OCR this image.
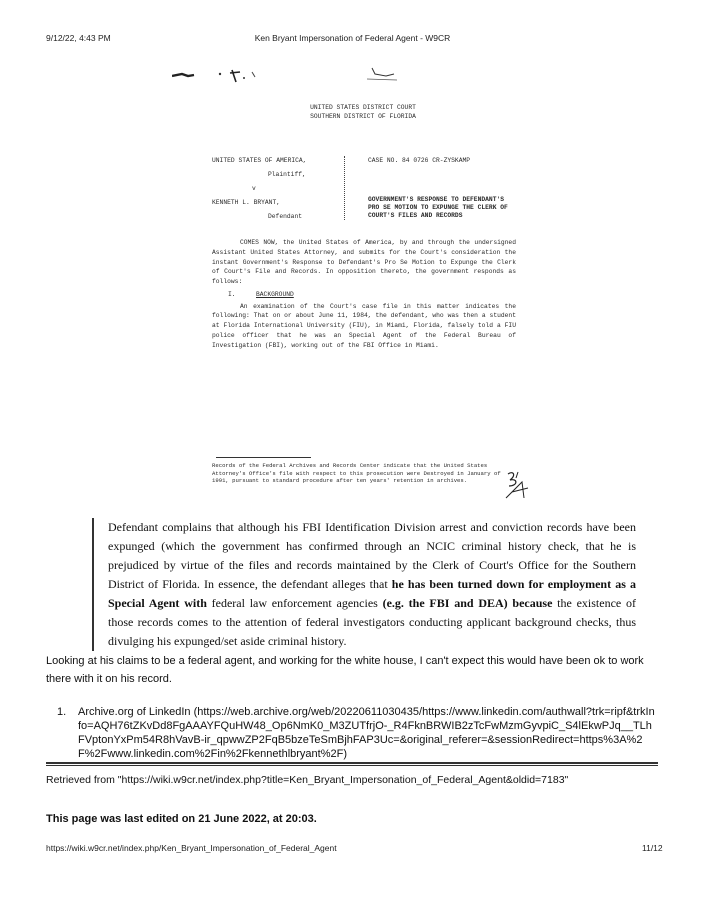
9/12/22, 4:43 PM	Ken Bryant Impersonation of Federal Agent - W9CR
UNITED STATES DISTRICT COURT
SOUTHERN DISTRICT OF FLORIDA
UNITED STATES OF AMERICA,
Plaintiff,
v
KENNETH L. BRYANT,
Defendant
CASE NO. 84 0726 CR-ZYSKAMP
GOVERNMENT'S RESPONSE TO DEFENDANT'S PRO SE MOTION TO EXPUNGE THE CLERK OF COURT'S FILES AND RECORDS

COMES NOW, the United States of America, by and through the undersigned Assistant United States Attorney, and submits for the Court's consideration the instant Government's Response to Defendant's Pro Se Motion to Expunge the Clerk of Court's File and Records. In opposition thereto, the government responds as follows:

I.	BACKGROUND

An examination of the Court's case file in this matter indicates the following: That on or about June 11, 1984, the defendant, who was then a student at Florida International University (FIU), in Miami, Florida, falsely told a FIU police officer that he was an Special Agent of the Federal Bureau of Investigation (FBI), working out of the FBI Office in Miami.

Records of the Federal Archives and Records Center indicate that the United States Attorney's Office's file with respect to this prosecution were Destroyed in January of 1991, pursuant to standard procedure after ten years' retention in archives.
Defendant complains that although his FBI Identification Division arrest and conviction records have been expunged (which the government has confirmed through an NCIC criminal history check, that he is prejudiced by virtue of the files and records maintained by the Clerk of Court's Office for the Southern District of Florida. In essence, the defendant alleges that he has been turned down for employment as a Special Agent with federal law enforcement agencies (e.g. the FBI and DEA) because the existence of those records comes to the attention of federal investigators conducting applicant background checks, thus divulging his expunged/set aside criminal history.
Looking at his claims to be a federal agent, and working for the white house, I can't expect this would have been ok to work there with it on his record.
1. Archive.org of LinkedIn (https://web.archive.org/web/20220611030435/https://www.linkedin.com/authwall?trk=ripf&trkInfo=AQH76tZKvDd8FgAAAYFQuHW48_Op6NmK0_M3ZUTfrjO-_R4FknBRWIB2zTcFwMzmGyvpiC_S4lEkwPJq__TLhFVptonYxPm54R8hVavB-ir_qpwwZP2FqB5bzeTeSmBjhFAP3Uc=&original_referer=&sessionRedirect=https%3A%2F%2Fwww.linkedin.com%2Fin%2Fkennethlbryant%2F)
Retrieved from "https://wiki.w9cr.net/index.php?title=Ken_Bryant_Impersonation_of_Federal_Agent&oldid=7183"
This page was last edited on 21 June 2022, at 20:03.
https://wiki.w9cr.net/index.php/Ken_Bryant_Impersonation_of_Federal_Agent	11/12
